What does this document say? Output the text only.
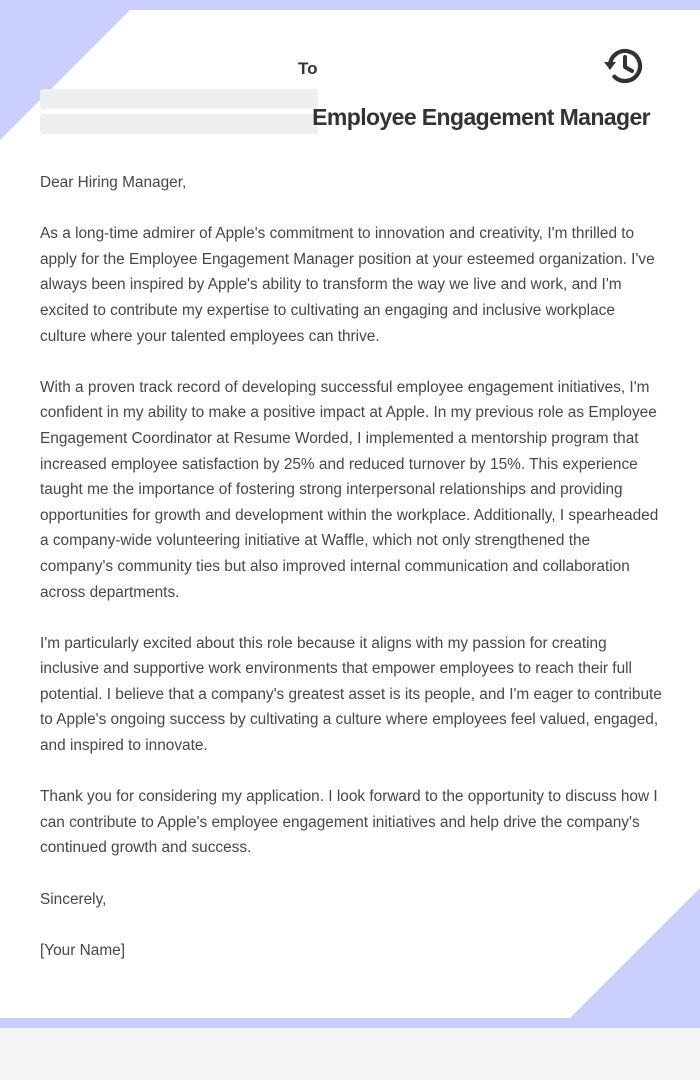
To
Employee Engagement Manager

Dear Hiring Manager,

As a long-time admirer of Apple's commitment to innovation and creativity, I'm thrilled to apply for the Employee Engagement Manager position at your esteemed organization. I've always been inspired by Apple's ability to transform the way we live and work, and I'm excited to contribute my expertise to cultivating an engaging and inclusive workplace culture where your talented employees can thrive.

With a proven track record of developing successful employee engagement initiatives, I'm confident in my ability to make a positive impact at Apple. In my previous role as Employee Engagement Coordinator at Resume Worded, I implemented a mentorship program that increased employee satisfaction by 25% and reduced turnover by 15%. This experience taught me the importance of fostering strong interpersonal relationships and providing opportunities for growth and development within the workplace. Additionally, I spearheaded a company-wide volunteering initiative at Waffle, which not only strengthened the company's community ties but also improved internal communication and collaboration across departments.

I'm particularly excited about this role because it aligns with my passion for creating inclusive and supportive work environments that empower employees to reach their full potential. I believe that a company's greatest asset is its people, and I'm eager to contribute to Apple's ongoing success by cultivating a culture where employees feel valued, engaged, and inspired to innovate.

Thank you for considering my application. I look forward to the opportunity to discuss how I can contribute to Apple's employee engagement initiatives and help drive the company's continued growth and success.

Sincerely,

[Your Name]
